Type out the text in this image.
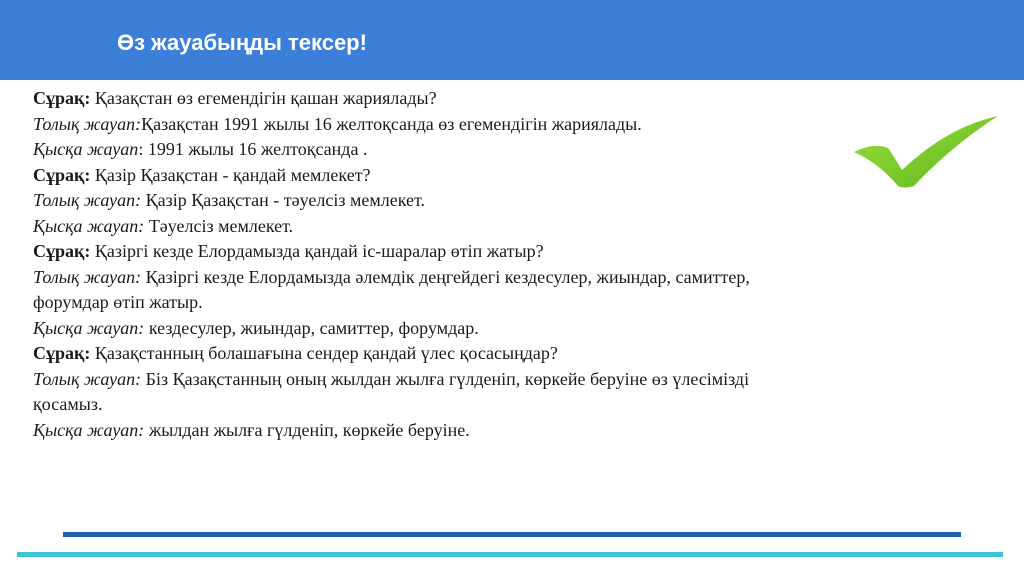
Өз жауабыңды тексер!

Сұрақ: Қазақстан өз егемендігін қашан жариялады?

Толық жауап:Қазақстан 1991 жылы 16 желтоқсанда өз егемендігін жариялады.

Қысқа жауап: 1991 жылы 16 желтоқсанда .

Сұрақ: Қазір Қазақстан - қандай мемлекет?

Толық жауап: Қазір Қазақстан - тәуелсіз мемлекет.

Қысқа жауап: Тәуелсіз мемлекет.

Сұрақ: Қазіргі кезде Елордамызда қандай іс-шаралар өтіп жатыр?

Толық жауап: Қазіргі кезде Елордамызда әлемдік деңгейдегі кездесулер, жиындар, самиттер,

форумдар өтіп жатыр.

Қысқа жауап: кездесулер, жиындар, самиттер, форумдар.

Сұрақ: Қазақстанның болашағына сендер қандай үлес қосасыңдар?

Толық жауап: Біз Қазақстанның оның жылдан жылға гүлденіп, көркейе беруіне өз үлесімізді

қосамыз.

Қысқа жауап: жылдан жылға гүлденіп, көркейе беруіне.
